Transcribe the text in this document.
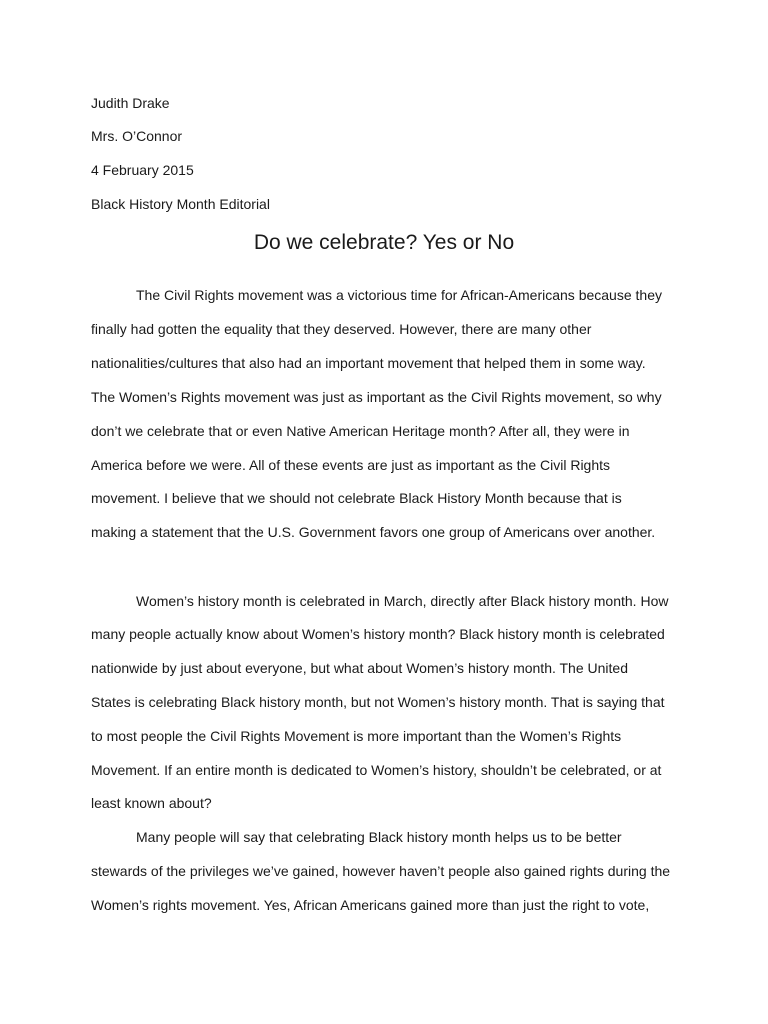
Judith Drake
Mrs. O’Connor
4 February 2015
Black History Month Editorial
Do we celebrate? Yes or No
The Civil Rights movement was a victorious time for African-Americans because they
finally had gotten the equality that they deserved. However, there are many other
nationalities/cultures that also had an important movement that helped them in some way.
The Women’s Rights movement was just as important as the Civil Rights movement, so why
don’t we celebrate that or even Native American Heritage month? After all, they were in
America before we were. All of these events are just as important as the Civil Rights
movement. I believe that we should not celebrate Black History Month because that is
making a statement that the U.S. Government favors one group of Americans over another.
Women’s history month is celebrated in March, directly after Black history month. How
many people actually know about Women’s history month? Black history month is celebrated
nationwide by just about everyone, but what about Women’s history month. The United
States is celebrating Black history month, but not Women’s history month. That is saying that
to most people the Civil Rights Movement is more important than the Women’s Rights
Movement. If an entire month is dedicated to Women’s history, shouldn’t be celebrated, or at
least known about?
Many people will say that celebrating Black history month helps us to be better
stewards of the privileges we’ve gained, however haven’t people also gained rights during the
Women’s rights movement. Yes, African Americans gained more than just the right to vote,
